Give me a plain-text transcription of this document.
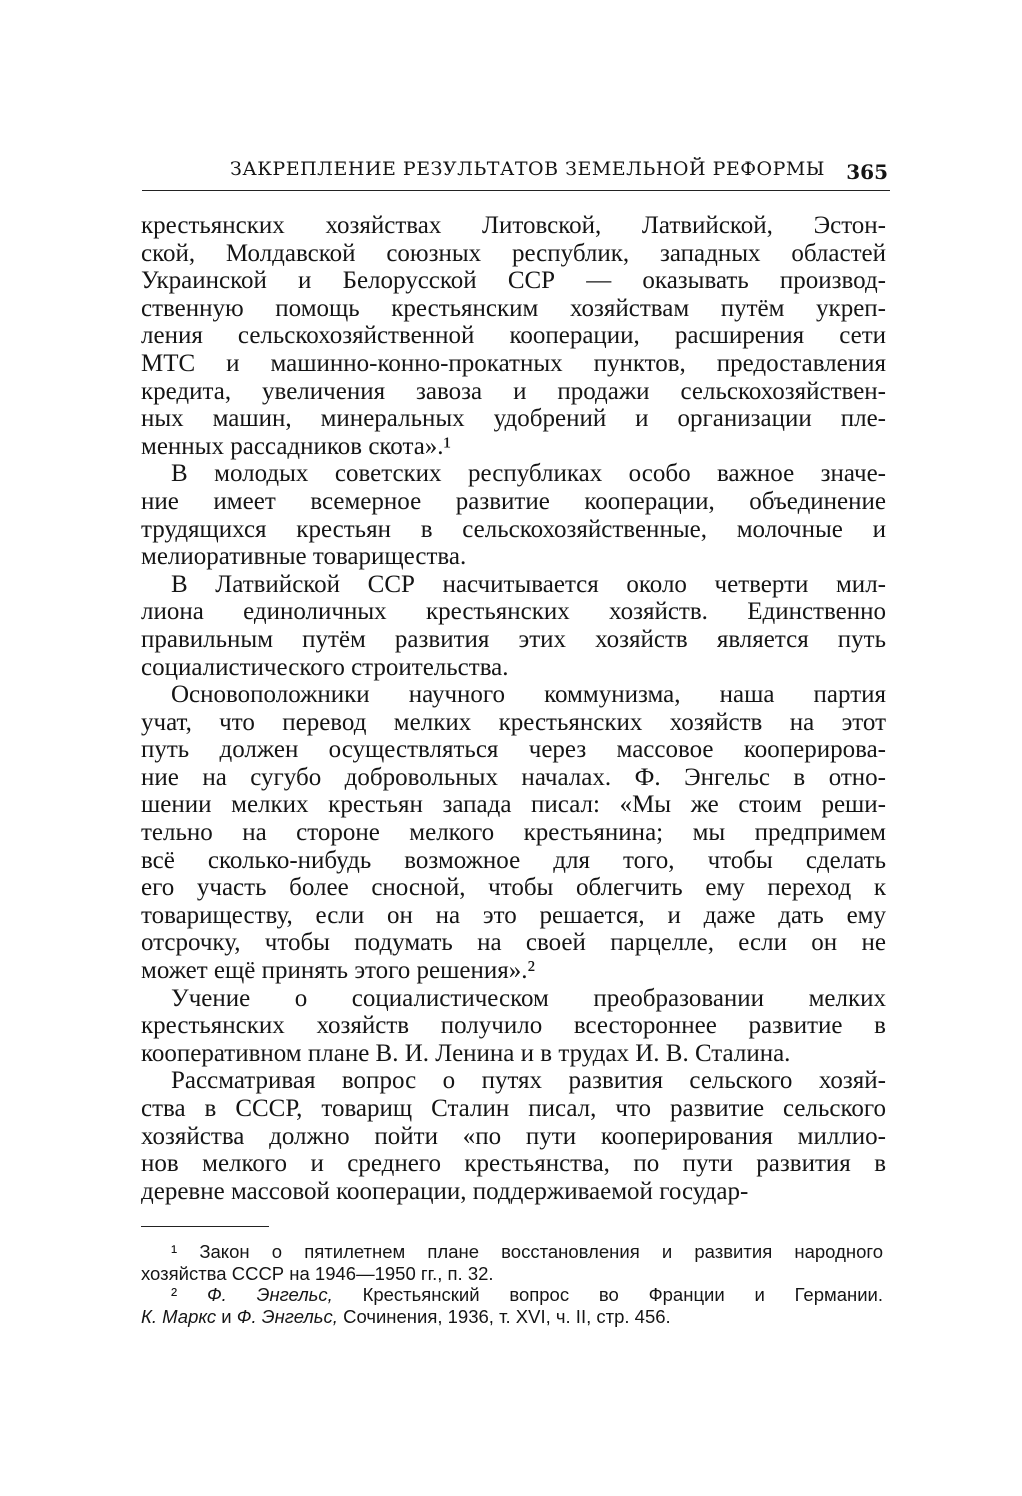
ЗАКРЕПЛЕНИЕ РЕЗУЛЬТАТОВ ЗЕМЕЛЬНОЙ РЕФОРМЫ 365
крестьянских хозяйствах Литовской, Латвийской, Эстон-
ской, Молдавской союзных республик, западных областей
Украинской и Белорусской ССР — оказывать производ-
ственную помощь крестьянским хозяйствам путём укреп-
ления сельскохозяйственной кооперации, расширения сети
МТС и машинно-конно-прокатных пунктов, предоставления
кредита, увеличения завоза и продажи сельскохозяйствен-
ных машин, минеральных удобрений и организации пле-
менных рассадников скота».¹
В молодых советских республиках особо важное значе-
ние имеет всемерное развитие кооперации, объединение
трудящихся крестьян в сельскохозяйственные, молочные и
мелиоративные товарищества.
В Латвийской ССР насчитывается около четверти мил-
лиона единоличных крестьянских хозяйств. Единственно
правильным путём развития этих хозяйств является путь
социалистического строительства.
Основоположники научного коммунизма, наша партия
учат, что перевод мелких крестьянских хозяйств на этот
путь должен осуществляться через массовое кооперирова-
ние на сугубо добровольных началах. Ф. Энгельс в отно-
шении мелких крестьян запада писал: «Мы же стоим реши-
тельно на стороне мелкого крестьянина; мы предпримем
всё сколько-нибудь возможное для того, чтобы сделать
его участь более сносной, чтобы облегчить ему переход к
товариществу, если он на это решается, и даже дать ему
отсрочку, чтобы подумать на своей парцелле, если он не
может ещё принять этого решения».²
Учение о социалистическом преобразовании мелких
крестьянских хозяйств получило всестороннее развитие в
кооперативном плане В. И. Ленина и в трудах И. В. Сталина.
Рассматривая вопрос о путях развития сельского хозяй-
ства в СССР, товарищ Сталин писал, что развитие сельского
хозяйства должно пойти «по пути кооперирования миллио-
нов мелкого и среднего крестьянства, по пути развития в
деревне массовой кооперации, поддерживаемой государ-
¹ Закон о пятилетнем плане восстановления и развития народного
хозяйства СССР на 1946—1950 гг., п. 32.
² Ф. Энгельс, Крестьянский вопрос во Франции и Германии.
К. Маркс и Ф. Энгельс, Сочинения, 1936, т. XVI, ч. II, стр. 456.
